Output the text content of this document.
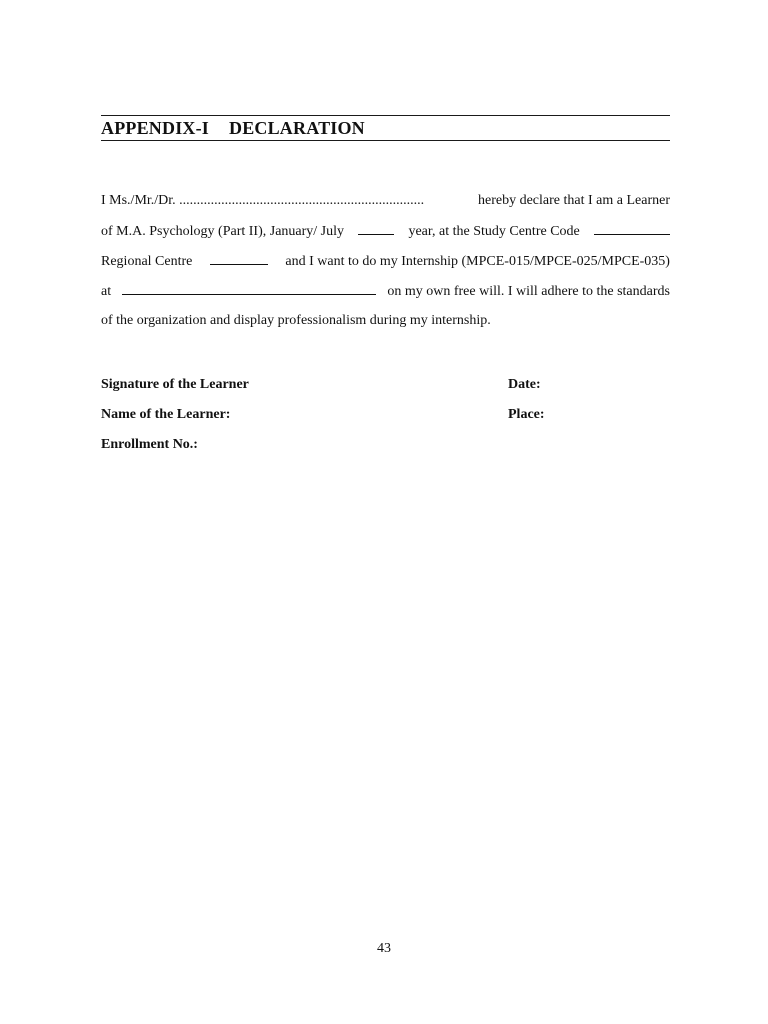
APPENDIX-I DECLARATION
I Ms./Mr./Dr. ......................................................................	hereby declare that I am a Learner
of M.A. Psychology (Part II), January/ July	year, at the Study Centre Code
Regional Centre	and I want to do my Internship (MPCE-015/MPCE-025/MPCE-035)
at	on my own free will. I will adhere to the standards
of the organization and display professionalism during my internship.
Signature of the Learner	Date:
Name of the Learner:	Place:
Enrollment No.:
43
